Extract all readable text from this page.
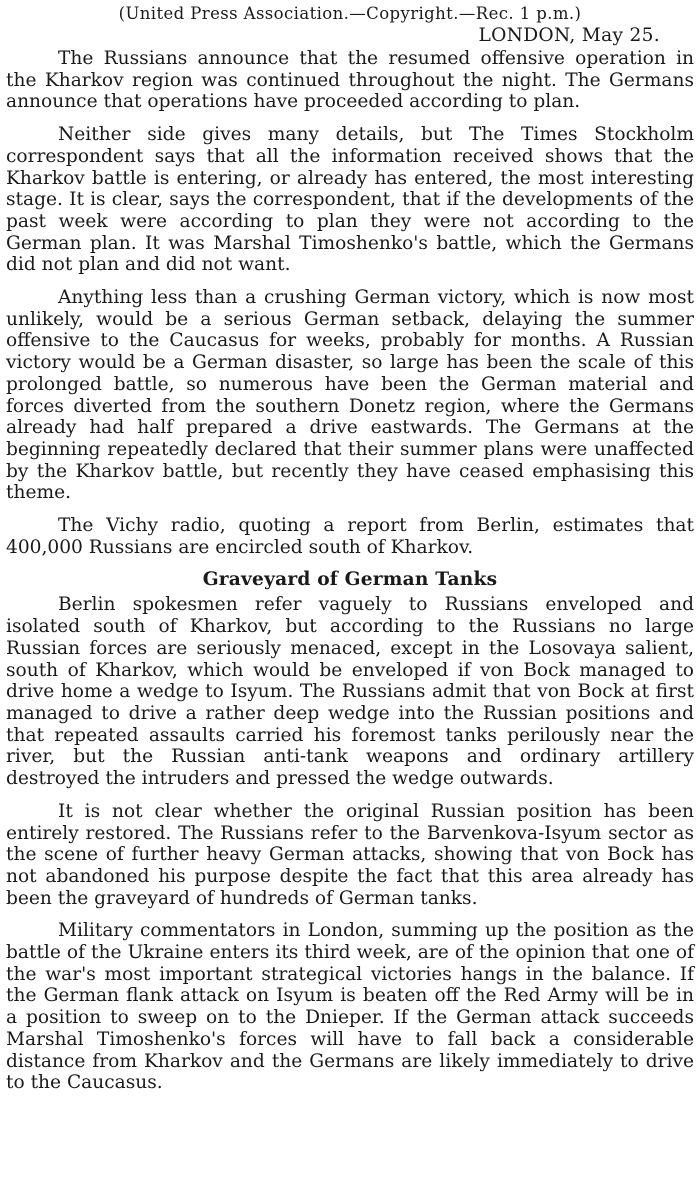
(United Press Association.—Copyright.—Rec. 1 p.m.)
LONDON, May 25.

The Russians announce that the resumed offensive operation in the Kharkov region was continued throughout the night. The Germans announce that operations have proceeded according to plan.

Neither side gives many details, but The Times Stockholm correspondent says that all the information received shows that the Kharkov battle is entering, or already has entered, the most interesting stage. It is clear, says the correspondent, that if the developments of the past week were according to plan they were not according to the German plan. It was Marshal Timoshenko's battle, which the Germans did not plan and did not want.

Anything less than a crushing German victory, which is now most unlikely, would be a serious German setback, delaying the summer offensive to the Caucasus for weeks, probably for months. A Russian victory would be a German disaster, so large has been the scale of this prolonged battle, so numerous have been the German material and forces diverted from the southern Donetz region, where the Germans already had half prepared a drive eastwards. The Germans at the beginning repeatedly declared that their summer plans were unaffected by the Kharkov battle, but recently they have ceased emphasising this theme.

The Vichy radio, quoting a report from Berlin, estimates that 400,000 Russians are encircled south of Kharkov.

Graveyard of German Tanks

Berlin spokesmen refer vaguely to Russians enveloped and isolated south of Kharkov, but according to the Russians no large Russian forces are seriously menaced, except in the Losovaya salient, south of Kharkov, which would be enveloped if von Bock managed to drive home a wedge to Isyum. The Russians admit that von Bock at first managed to drive a rather deep wedge into the Russian positions and that repeated assaults carried his foremost tanks perilously near the river, but the Russian anti-tank weapons and ordinary artillery destroyed the intruders and pressed the wedge outwards.

It is not clear whether the original Russian position has been entirely restored. The Russians refer to the Barvenkova-Isyum sector as the scene of further heavy German attacks, showing that von Bock has not abandoned his purpose despite the fact that this area already has been the graveyard of hundreds of German tanks.

Military commentators in London, summing up the position as the battle of the Ukraine enters its third week, are of the opinion that one of the war's most important strategical victories hangs in the balance. If the German flank attack on Isyum is beaten off the Red Army will be in a position to sweep on to the Dnieper. If the German attack succeeds Marshal Timoshenko's forces will have to fall back a considerable distance from Kharkov and the Germans are likely immediately to drive to the Caucasus.
